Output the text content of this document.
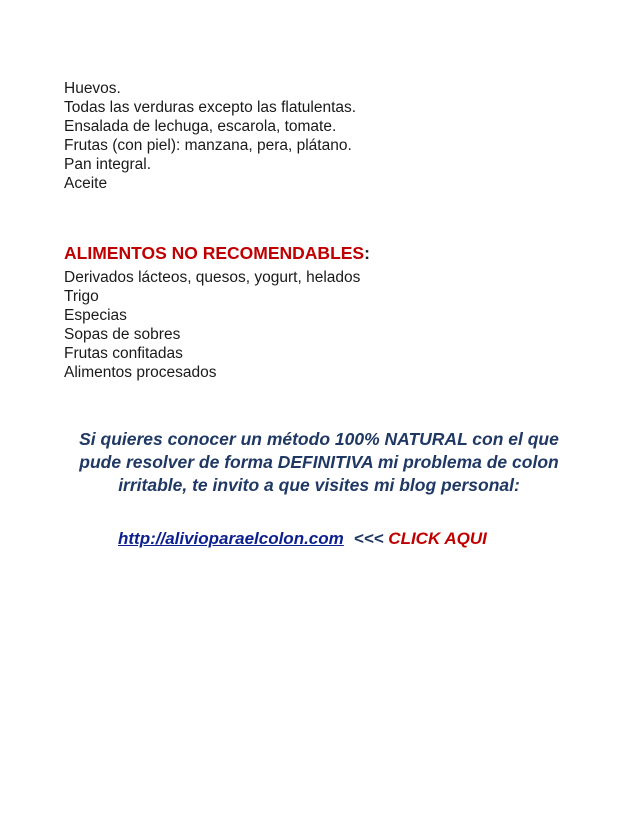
Huevos.
Todas las verduras excepto las flatulentas.
Ensalada de lechuga, escarola, tomate.
Frutas (con piel): manzana, pera, plátano.
Pan integral.
Aceite
ALIMENTOS NO RECOMENDABLES:
Derivados lácteos, quesos, yogurt, helados
Trigo
Especias
Sopas de sobres
Frutas confitadas
Alimentos procesados

Si quieres conocer un método 100% NATURAL con el que
pude resolver de forma DEFINITIVA mi problema de colon
irritable, te invito a que visites mi blog personal:

http://alivioparaelcolon.com <<< CLICK AQUI
